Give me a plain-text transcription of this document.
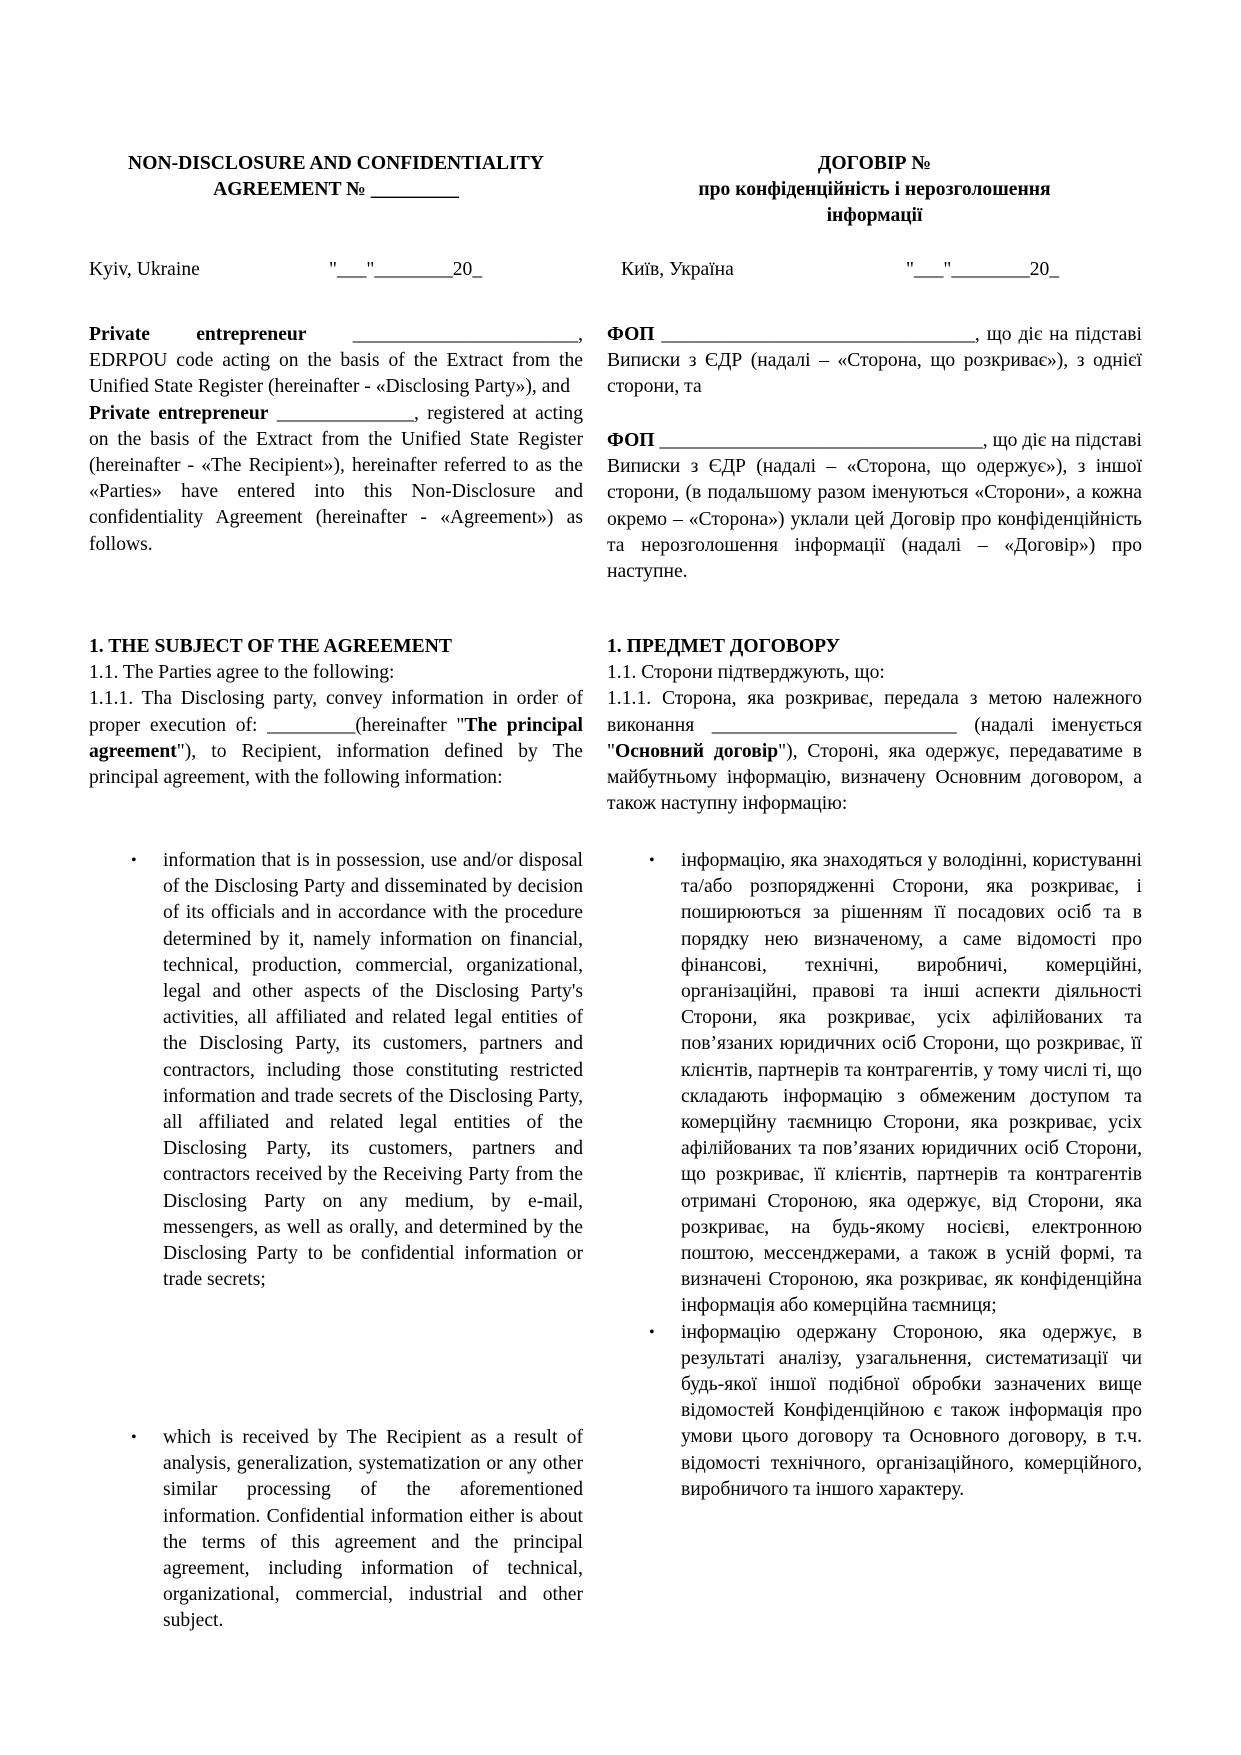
NON-DISCLOSURE AND CONFIDENTIALITY
AGREEMENT № _________
Kyiv, Ukraine	"___"________20_
Private entrepreneur _______________________, EDRPOU code acting on the basis of the Extract from the Unified State Register (hereinafter - «Disclosing Party»), and
Private entrepreneur ______________, registered at acting on the basis of the Extract from the Unified State Register (hereinafter - «The Recipient»), hereinafter referred to as the «Parties» have entered into this Non-Disclosure and confidentiality Agreement (hereinafter - «Agreement») as follows.
1. THE SUBJECT OF THE AGREEMENT
1.1. The Parties agree to the following:
1.1.1. Tha Disclosing party, convey information in order of proper execution of: _________(hereinafter "The principal agreement"), to Recipient, information defined by The principal agreement, with the following information:
• information that is in possession, use and/or disposal of the Disclosing Party and disseminated by decision of its officials and in accordance with the procedure determined by it, namely information on financial, technical, production, commercial, organizational, legal and other aspects of the Disclosing Party's activities, all affiliated and related legal entities of the Disclosing Party, its customers, partners and contractors, including those constituting restricted information and trade secrets of the Disclosing Party, all affiliated and related legal entities of the Disclosing Party, its customers, partners and contractors received by the Receiving Party from the Disclosing Party on any medium, by e-mail, messengers, as well as orally, and determined by the Disclosing Party to be confidential information or trade secrets;
• which is received by The Recipient as a result of analysis, generalization, systematization or any other similar processing of the aforementioned information. Confidential information either is about the terms of this agreement and the principal agreement, including information of technical, organizational, commercial, industrial and other subject.
ДОГОВІР №
про конфіденційність і нерозголошення
інформації
Київ, Україна	"___"________20_
ФОП ________________________________, що діє на підставі Виписки з ЄДР (надалі – «Сторона, що розкриває»), з однієї сторони, та
ФОП _________________________________, що діє на підставі Виписки з ЄДР (надалі – «Сторона, що одержує»), з іншої сторони, (в подальшому разом іменуються «Сторони», а кожна окремо – «Сторона») уклали цей Договір про конфіденційність та нерозголошення інформації (надалі – «Договір») про наступне.
1. ПРЕДМЕТ ДОГОВОРУ
1.1. Сторони підтверджують, що:
1.1.1. Сторона, яка розкриває, передала з метою належного виконання _________________________ (надалі іменується "Основний договір"), Стороні, яка одержує, передаватиме в майбутньому інформацію, визначену Основним договором, а також наступну інформацію:
• інформацію, яка знаходяться у володінні, користуванні та/або розпорядженні Сторони, яка розкриває, і поширюються за рішенням її посадових осіб та в порядку нею визначеному, а саме відомості про фінансові, технічні, виробничі, комерційні, організаційні, правові та інші аспекти діяльності Сторони, яка розкриває, усіх афілійованих та пов’язаних юридичних осіб Сторони, що розкриває, її клієнтів, партнерів та контрагентів, у тому числі ті, що складають інформацію з обмеженим доступом та комерційну таємницю Сторони, яка розкриває, усіх афілійованих та пов’язаних юридичних осіб Сторони, що розкриває, її клієнтів, партнерів та контрагентів отримані Стороною, яка одержує, від Сторони, яка розкриває, на будь-якому носієві, електронною поштою, мессенджерами, а також в усній формі, та визначені Стороною, яка розкриває, як конфіденційна інформація або комерційна таємниця;
• інформацію одержану Стороною, яка одержує, в результаті аналізу, узагальнення, систематизації чи будь-якої іншої подібної обробки зазначених вище відомостей Конфіденційною є також інформація про умови цього договору та Основного договору, в т.ч. відомості технічного, організаційного, комерційного, виробничого та іншого характеру.
